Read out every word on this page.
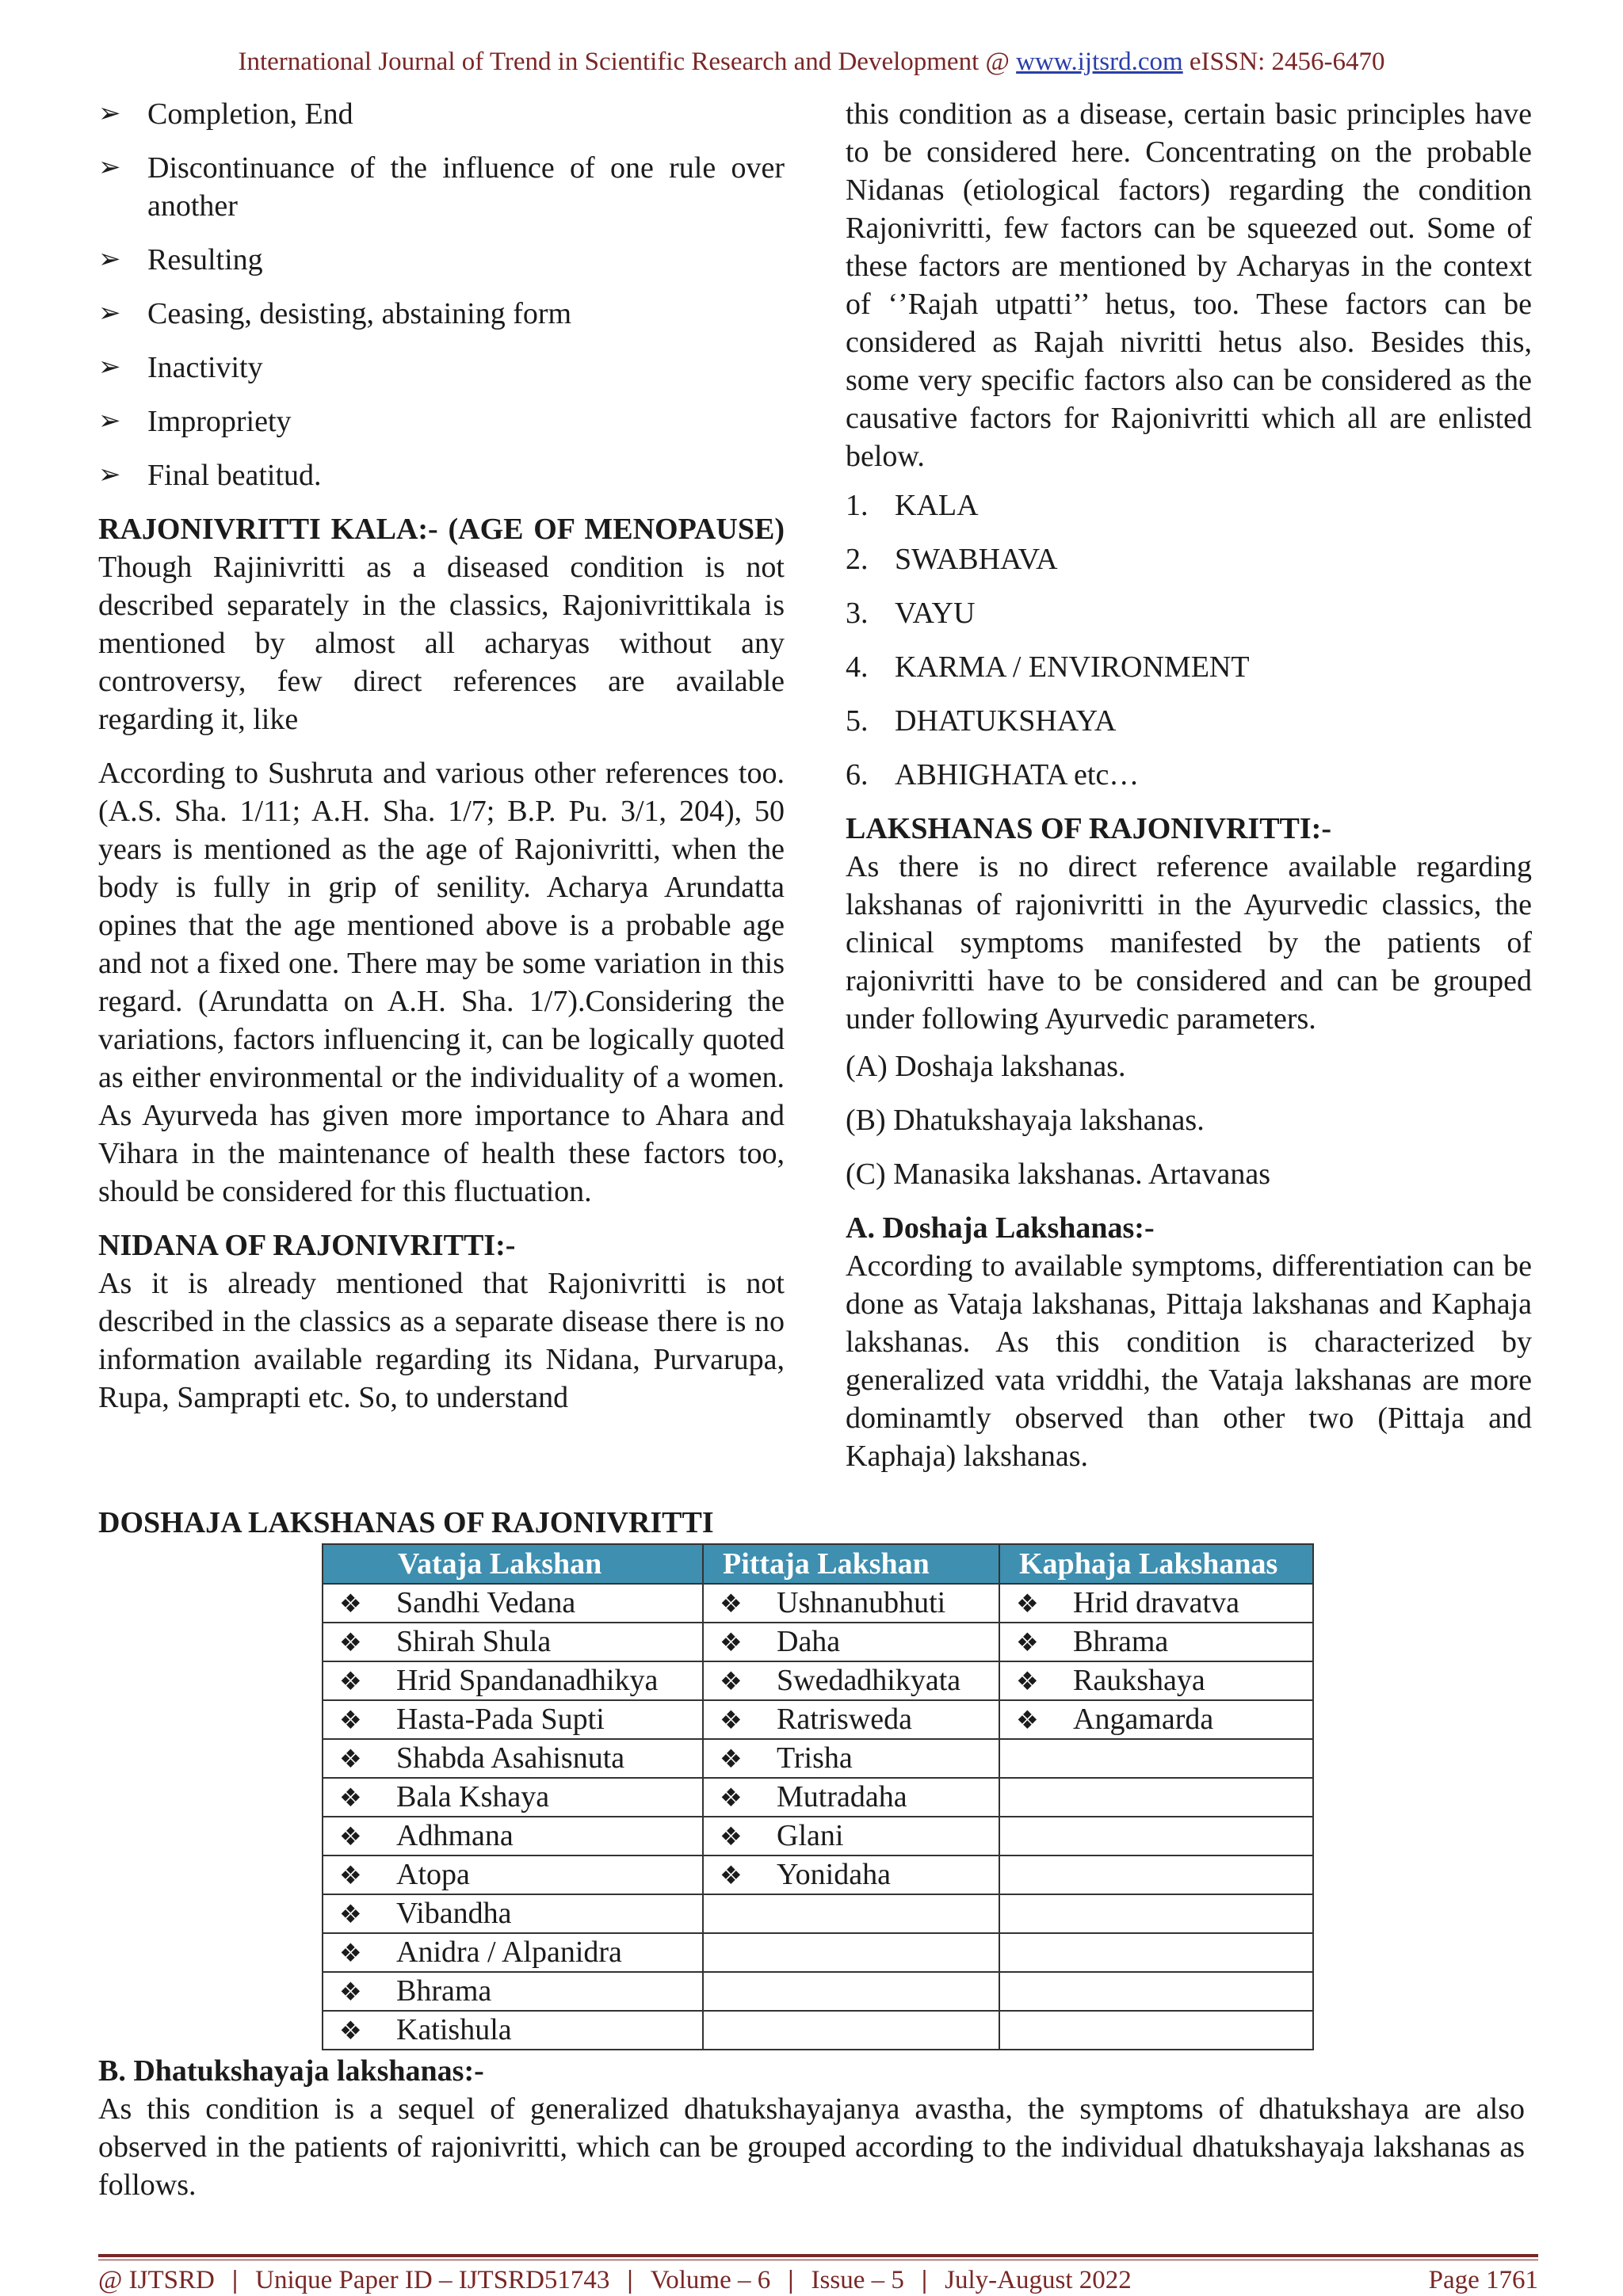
International Journal of Trend in Scientific Research and Development @ www.ijtsrd.com eISSN: 2456-6470
➢ Completion, End
➢ Discontinuance of the influence of one rule over another
➢ Resulting
➢ Ceasing, desisting, abstaining form
➢ Inactivity
➢ Impropriety
➢ Final beatitud.

RAJONIVRITTI KALA:- (AGE OF MENOPAUSE)

Though Rajinivritti as a diseased condition is not described separately in the classics, Rajonivrittikala is mentioned by almost all acharyas without any controversy, few direct references are available regarding it, like

According to Sushruta and various other references too. (A.S. Sha. 1/11; A.H. Sha. 1/7; B.P. Pu. 3/1, 204), 50 years is mentioned as the age of Rajonivritti, when the body is fully in grip of senility. Acharya Arundatta opines that the age mentioned above is a probable age and not a fixed one. There may be some variation in this regard. (Arundatta on A.H. Sha. 1/7).Considering the variations, factors influencing it, can be logically quoted as either environmental or the individuality of a women. As Ayurveda has given more importance to Ahara and Vihara in the maintenance of health these factors too, should be considered for this fluctuation.

NIDANA OF RAJONIVRITTI:-

As it is already mentioned that Rajonivritti is not described in the classics as a separate disease there is no information available regarding its Nidana, Purvarupa, Rupa, Samprapti etc. So, to understand

this condition as a disease, certain basic principles have to be considered here. Concentrating on the probable Nidanas (etiological factors) regarding the condition Rajonivritti, few factors can be squeezed out. Some of these factors are mentioned by Acharyas in the context of ‘’Rajah utpatti’’ hetus, too. These factors can be considered as Rajah nivritti hetus also. Besides this, some very specific factors also can be considered as the causative factors for Rajonivritti which all are enlisted below.

1. KALA
2. SWABHAVA
3. VAYU
4. KARMA / ENVIRONMENT
5. DHATUKSHAYA
6. ABHIGHATA etc…

LAKSHANAS OF RAJONIVRITTI:-

As there is no direct reference available regarding lakshanas of rajonivritti in the Ayurvedic classics, the clinical symptoms manifested by the patients of rajonivritti have to be considered and can be grouped under following Ayurvedic parameters.

(A) Doshaja lakshanas.
(B) Dhatukshayaja lakshanas.
(C) Manasika lakshanas. Artavanas

A. Doshaja Lakshanas:-

According to available symptoms, differentiation can be done as Vataja lakshanas, Pittaja lakshanas and Kaphaja lakshanas. As this condition is characterized by generalized vata vriddhi, the Vataja lakshanas are more dominamtly observed than other two (Pittaja and Kaphaja) lakshanas.

DOSHAJA LAKSHANAS OF RAJONIVRITTI
Vataja Lakshan	Pittaja Lakshan	Kaphaja Lakshanas
❖ Sandhi Vedana	❖ Ushnanubhuti	❖ Hrid dravatva
❖ Shirah Shula	❖ Daha	❖ Bhrama
❖ Hrid Spandanadhikya	❖ Swedadhikyata	❖ Raukshaya
❖ Hasta-Pada Supti	❖ Ratrisweda	❖ Angamarda
❖ Shabda Asahisnuta	❖ Trisha	
❖ Bala Kshaya	❖ Mutradaha	
❖ Adhmana	❖ Glani	
❖ Atopa	❖ Yonidaha	
❖ Vibandha		
❖ Anidra / Alpanidra		
❖ Bhrama		
❖ Katishula		

B. Dhatukshayaja lakshanas:-

As this condition is a sequel of generalized dhatukshayajanya avastha, the symptoms of dhatukshaya are also observed in the patients of rajonivritti, which can be grouped according to the individual dhatukshayaja lakshanas as follows.

@ IJTSRD | Unique Paper ID – IJTSRD51743 | Volume – 6 | Issue – 5 | July-August 2022	Page 1761
